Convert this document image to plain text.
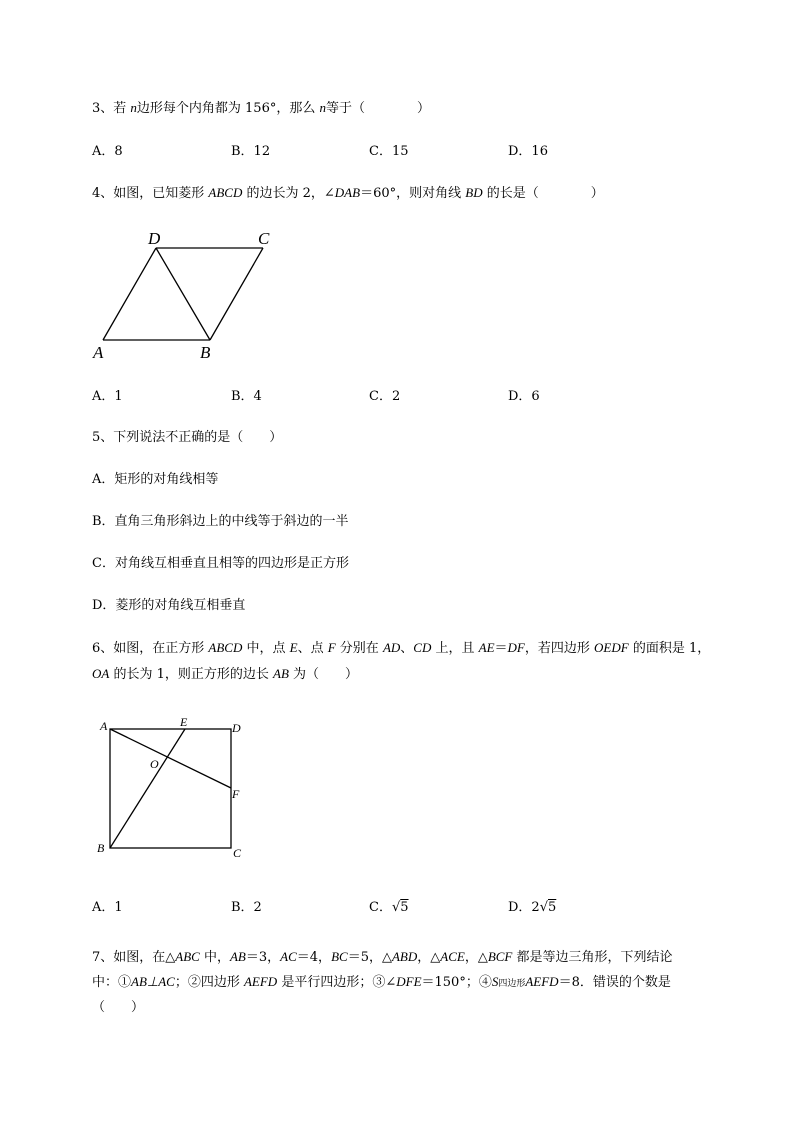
3、若 n边形每个内角都为 156°，那么 n等于（　　　　）
A．8	B．12	C．15	D．16
4、如图，已知菱形 ABCD 的边长为 2，∠DAB＝60°，则对角线 BD 的长是（　　　　）
A	B
C
D
A．1	B．4	C．2	D．6
5、下列说法不正确的是（　　）
A．矩形的对角线相等
B．直角三角形斜边上的中线等于斜边的一半
C．对角线互相垂直且相等的四边形是正方形
D．菱形的对角线互相垂直
6、如图，在正方形 ABCD 中，点 E、点 F 分别在 AD、CD 上，且 AE＝DF，若四边形 OEDF 的面积是 1，
OA 的长为 1，则正方形的边长 AB 为（　　）
A
B	C
D
E
F
O
A．1	B．2	C．√5	D．2√5
7、如图，在△ABC 中，AB＝3，AC＝4，BC＝5，△ABD，△ACE，△BCF 都是等边三角形，下列结论
中：①AB⊥AC；②四边形 AEFD 是平行四边形；③∠DFE＝150°；④S四边形AEFD＝8．错误的个数是
（　　）
